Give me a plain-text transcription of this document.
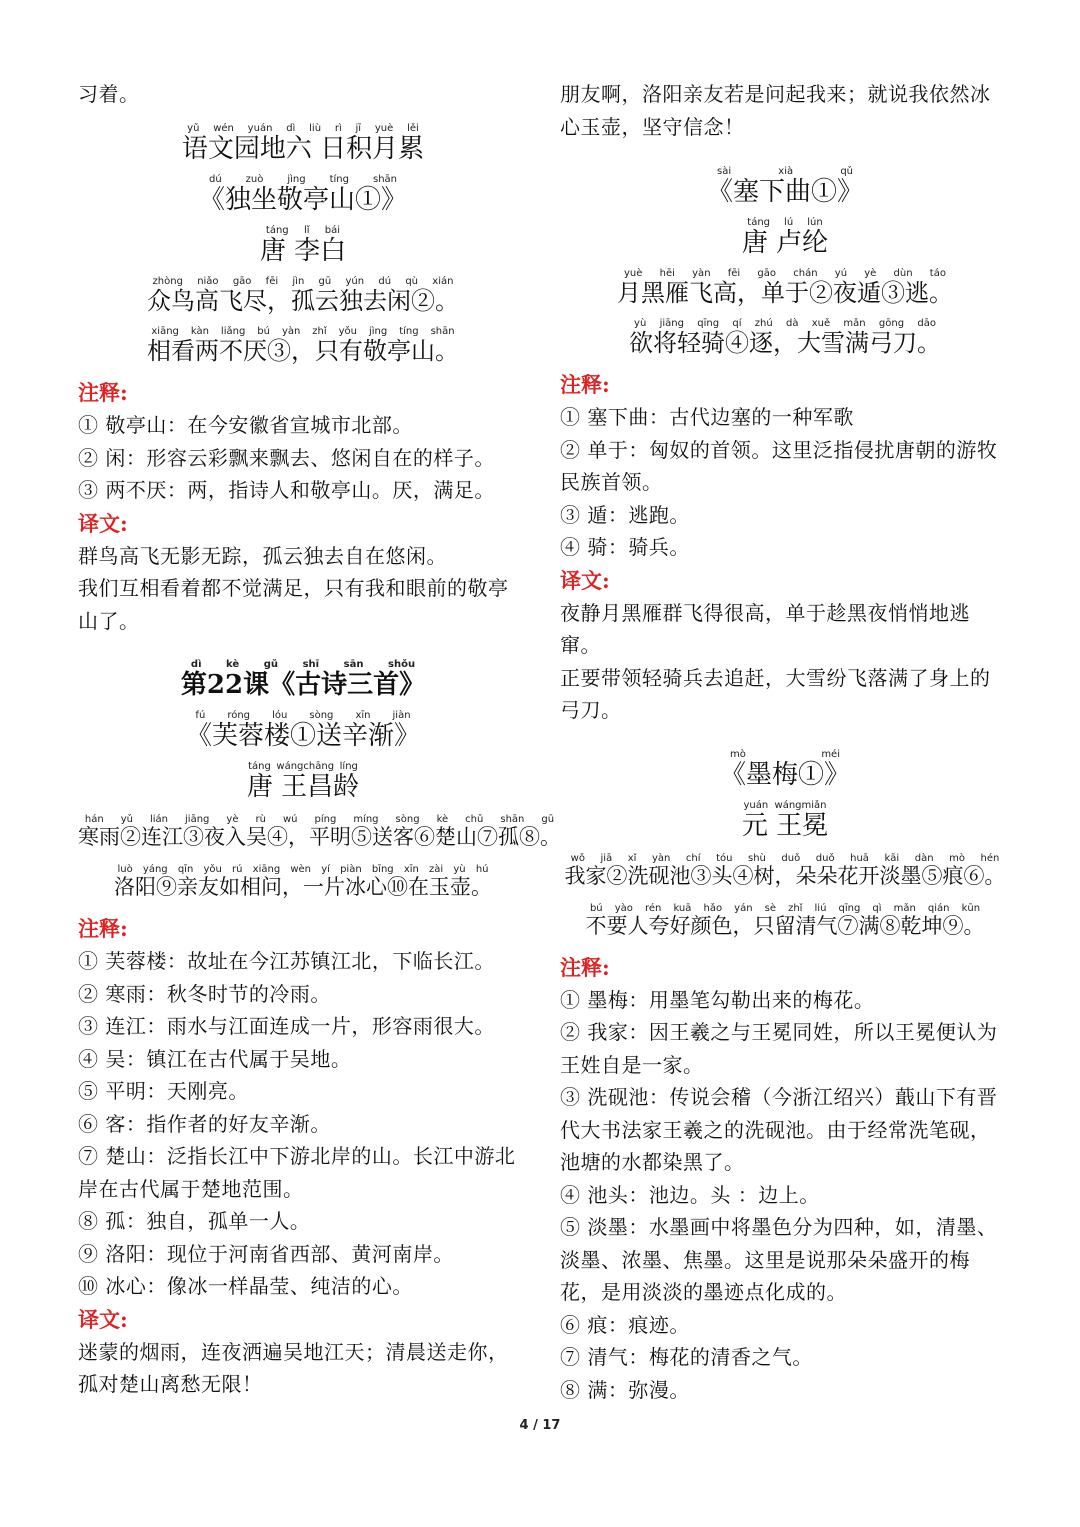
习着。

语文园地六 日积月累yǔ wén yuán dì liù rì jī yuè lěi

《独坐敬亭山①》dú zuò jìng tíng shān

唐 李白táng lǐ bái

众鸟高飞尽，孤云独去闲②。zhòng niǎo gāo fēi jìn gū yún dú qù xián

相看两不厌③，只有敬亭山。xiāng kàn liǎng bú yàn zhǐ yǒu jìng tíng shān

注释:

① 敬亭山：在今安徽省宣城市北部。

② 闲：形容云彩飘来飘去、悠闲自在的样子。

③ 两不厌：两，指诗人和敬亭山。厌，满足。

译文:

群鸟高飞无影无踪，孤云独去自在悠闲。

我们互相看着都不觉满足，只有我和眼前的敬亭山了。

第22课《古诗三首》dì kè gǔ shī sān shǒu

《芙蓉楼①送辛渐》fú róng lóu sòng xīn jiàn

唐 王昌龄táng wángchāng líng

寒雨②连江③夜入吴④，平明⑤送客⑥楚山⑦孤⑧。hán yǔ lián jiāng yè rù wú píng míng sòng kè chǔ shān gū

洛阳⑨亲友如相问，一片冰心⑩在玉壶。luò yáng qīn yǒu rú xiāng wèn yí piàn bīng xīn zài yù hú

注释:

① 芙蓉楼：故址在今江苏镇江北，下临长江。

② 寒雨：秋冬时节的冷雨。

③ 连江：雨水与江面连成一片，形容雨很大。

④ 吴：镇江在古代属于吴地。

⑤ 平明：天刚亮。

⑥ 客：指作者的好友辛渐。

⑦ 楚山：泛指长江中下游北岸的山。长江中游北岸在古代属于楚地范围。

⑧ 孤：独自，孤单一人。

⑨ 洛阳：现位于河南省西部、黄河南岸。

⑩ 冰心：像冰一样晶莹、纯洁的心。

译文:

迷蒙的烟雨，连夜洒遍吴地江天；清晨送走你，孤对楚山离愁无限！

朋友啊，洛阳亲友若是问起我来；就说我依然冰心玉壶，坚守信念！

《塞下曲①》sài xià qǔ

唐 卢纶táng lú lún

月黑雁飞高，单于②夜遁③逃。yuè hēi yàn fēi gāo chán yú yè dùn táo

欲将轻骑④逐，大雪满弓刀。yù jiāng qīng qí zhú dà xuě mǎn gōng dāo

注释:

① 塞下曲：古代边塞的一种军歌

② 单于：匈奴的首领。这里泛指侵扰唐朝的游牧民族首领。

③ 遁：逃跑。

④ 骑：骑兵。

译文:

夜静月黑雁群飞得很高，单于趁黑夜悄悄地逃窜。

正要带领轻骑兵去追赶，大雪纷飞落满了身上的弓刀。

《墨梅①》mò méi

元 王冕yuán wángmiǎn

我家②洗砚池③头④树，朵朵花开淡墨⑤痕⑥。wǒ jiā xǐ yàn chí tóu shù duǒ duǒ huā kāi dàn mò hén

不要人夸好颜色，只留清气⑦满⑧乾坤⑨。bú yào rén kuā hǎo yán sè zhǐ liú qīng qì mǎn qián kūn

注释:

① 墨梅：用墨笔勾勒出来的梅花。

② 我家：因王羲之与王冕同姓，所以王冕便认为王姓自是一家。

③ 洗砚池：传说会稽（今浙江绍兴）蕺山下有晋代大书法家王羲之的洗砚池。由于经常洗笔砚，池塘的水都染黑了。

④ 池头：池边。头 ：边上。

⑤ 淡墨：水墨画中将墨色分为四种，如，清墨、淡墨、浓墨、焦墨。这里是说那朵朵盛开的梅花，是用淡淡的墨迹点化成的。

⑥ 痕：痕迹。

⑦ 清气：梅花的清香之气。

⑧ 满：弥漫。

4 / 17
